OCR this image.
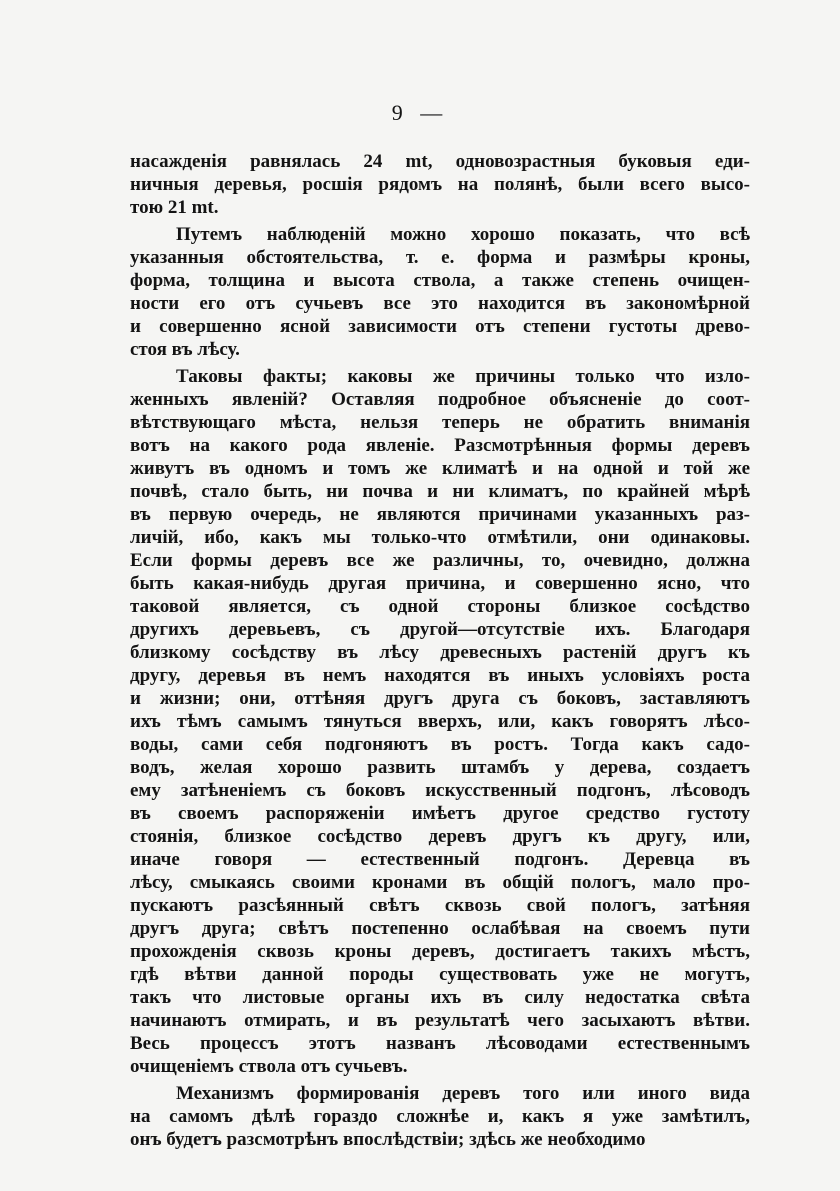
9 —
насажденія равнялась 24 mt, одновозрастныя буковыя еди-
ничныя деревья, росшія рядомъ на полянѣ, были всего высо-
тою 21 mt.
Путемъ наблюденій можно хорошо показать, что всѣ
указанныя обстоятельства, т. е. форма и размѣры кроны,
форма, толщина и высота ствола, а также степень очищен-
ности его отъ сучьевъ все это находится въ закономѣрной
и совершенно ясной зависимости отъ степени густоты древо-
стоя въ лѣсу.
Таковы факты; каковы же причины только что изло-
женныхъ явленій? Оставляя подробное объясненіе до соот-
вѣтствующаго мѣста, нельзя теперь не обратить вниманія
вотъ на какого рода явленіе. Разсмотрѣнныя формы деревъ
живутъ въ одномъ и томъ же климатѣ и на одной и той же
почвѣ, стало быть, ни почва и ни климатъ, по крайней мѣрѣ
въ первую очередь, не являются причинами указанныхъ раз-
личій, ибо, какъ мы только-что отмѣтили, они одинаковы.
Если формы деревъ все же различны, то, очевидно, должна
быть какая-нибудь другая причина, и совершенно ясно, что
таковой является, съ одной стороны близкое сосѣдство
другихъ деревьевъ, съ другой—отсутствіе ихъ. Благодаря
близкому сосѣдству въ лѣсу древесныхъ растеній другъ къ
другу, деревья въ немъ находятся въ иныхъ условіяхъ роста
и жизни; они, оттѣняя другъ друга съ боковъ, заставляютъ
ихъ тѣмъ самымъ тянуться вверхъ, или, какъ говорятъ лѣсо-
воды, сами себя подгоняютъ въ ростъ. Тогда какъ садо-
водъ, желая хорошо развить штамбъ у дерева, создаетъ
ему затѣненіемъ съ боковъ искусственный подгонъ, лѣсоводъ
въ своемъ распоряженіи имѣетъ другое средство густоту
стоянія, близкое сосѣдство деревъ другъ къ другу, или,
иначе говоря — естественный подгонъ. Деревца въ
лѣсу, смыкаясь своими кронами въ общій пологъ, мало про-
пускаютъ разсѣянный свѣтъ сквозь свой пологъ, затѣняя
другъ друга; свѣтъ постепенно ослабѣвая на своемъ пути
прохожденія сквозь кроны деревъ, достигаетъ такихъ мѣстъ,
гдѣ вѣтви данной породы существовать уже не могутъ,
такъ что листовые органы ихъ въ силу недостатка свѣта
начинаютъ отмирать, и въ результатѣ чего засыхаютъ вѣтви.
Весь процессъ этотъ названъ лѣсоводами естественнымъ
очищеніемъ ствола отъ сучьевъ.
Механизмъ формированія деревъ того или иного вида
на самомъ дѣлѣ гораздо сложнѣе и, какъ я уже замѣтилъ,
онъ будетъ разсмотрѣнъ впослѣдствіи; здѣсь же необходимо
